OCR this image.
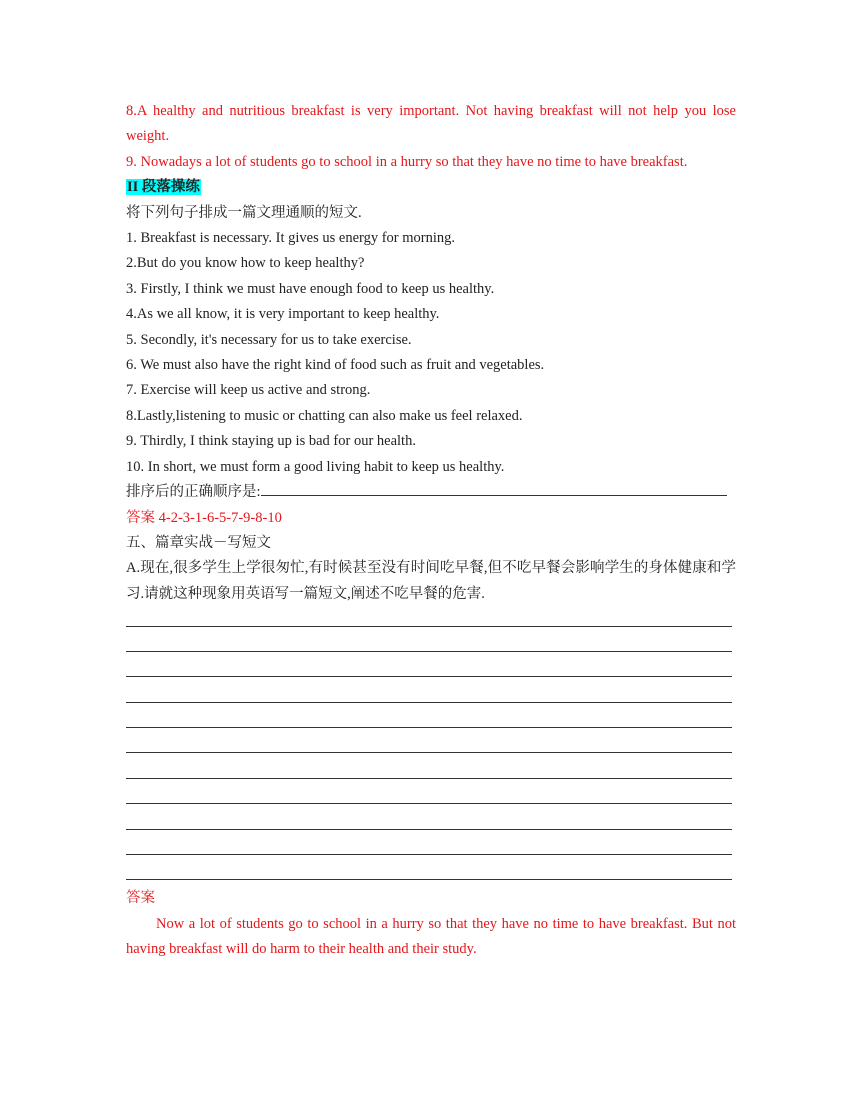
8.A healthy and nutritious breakfast is very important. Not having breakfast will not help you lose weight.
9. Nowadays a lot of students go to school in a hurry so that they have no time to have breakfast.
II 段落操练
将下列句子排成一篇文理通顺的短文.
1. Breakfast is necessary. It gives us energy for morning.
2.But do you know how to keep healthy?
3. Firstly, I think we must have enough food to keep us healthy.
4.As we all know, it is very important to keep healthy.
5. Secondly, it's necessary for us to take exercise.
6. We must also have the right kind of food such as fruit and vegetables.
7. Exercise will keep us active and strong.
8.Lastly,listening to music or chatting can also make us feel relaxed.
9. Thirdly, I think staying up is bad for our health.
10. In short, we must form a good living habit to keep us healthy.
排序后的正确顺序是:
答案 4-2-3-1-6-5-7-9-8-10
五、篇章实战－写短文
A.现在,很多学生上学很匆忙,有时候甚至没有时间吃早餐,但不吃早餐会影响学生的身体健康和学习.请就这种现象用英语写一篇短文,阐述不吃早餐的危害.
答案
Now a lot of students go to school in a hurry so that they have no time to have breakfast. But not having breakfast will do harm to their health and their study.
